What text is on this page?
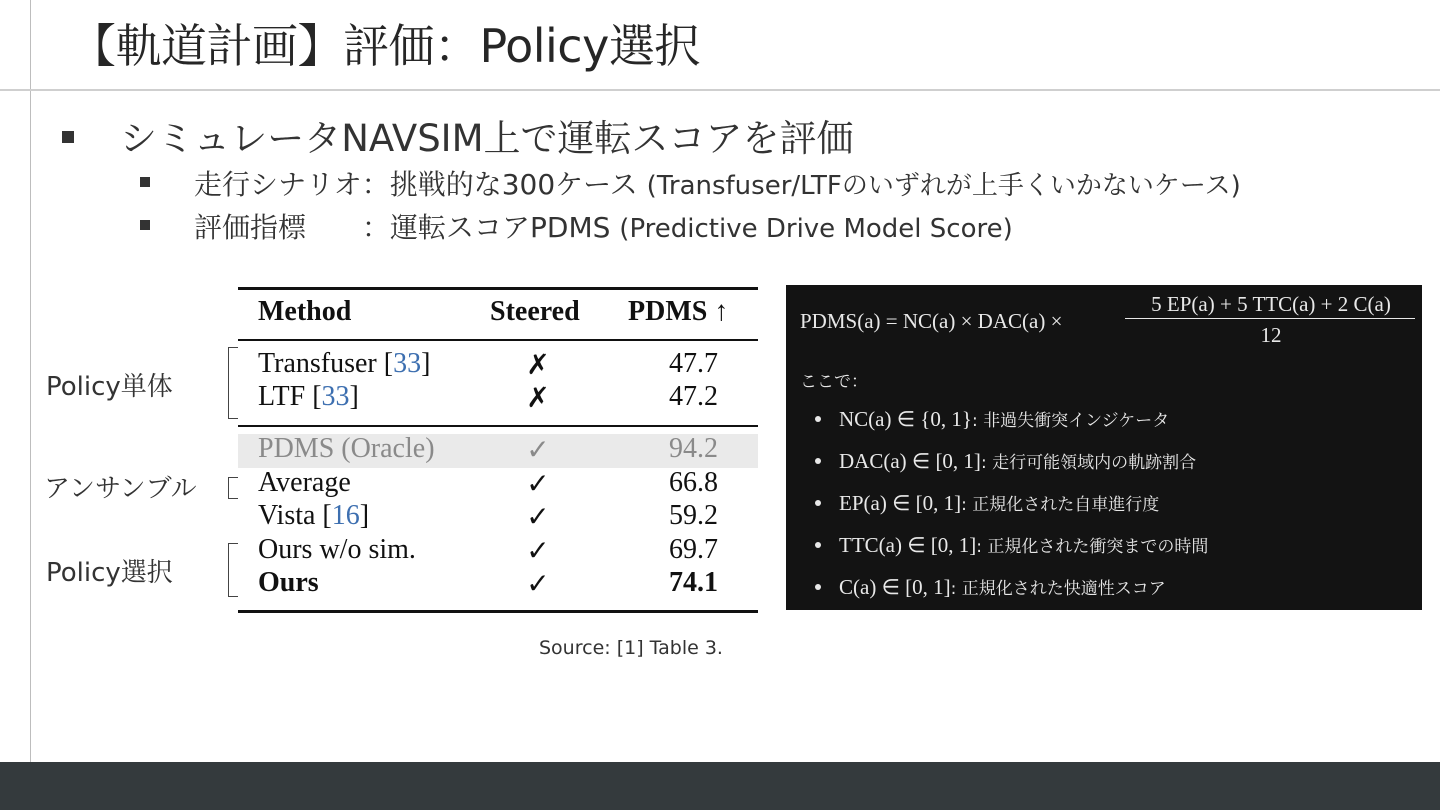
【軌道計画】評価：Policy選択
シミュレータNAVSIM上で運転スコアを評価
走行シナリオ：挑戦的な300ケース (Transfuser/LTFのいずれが上手くいかないケース)
評価指標　　：運転スコアPDMS (Predictive Drive Model Score)
Policy単体
アンサンブル
Policy選択
Method	Steered PDMS ↑
Transfuser [33]	✗	47.7
LTF [33]	✗	47.2
PDMS (Oracle)	✓	94.2
Average	✓	66.8
Vista [16]	✓	59.2
Ours w/o sim.	✓	69.7
Ours	✓	74.1
Source: [1] Table 3.
PDMS(a) = NC(a) × DAC(a) ×
5 EP(a) + 5 TTC(a) + 2 C(a)
12
ここで：
NC(a) ∈ {0, 1}: 非過失衝突インジケータ
DAC(a) ∈ [0, 1]: 走行可能領域内の軌跡割合
EP(a) ∈ [0, 1]: 正規化された自車進行度
TTC(a) ∈ [0, 1]: 正規化された衝突までの時間
C(a) ∈ [0, 1]: 正規化された快適性スコア
